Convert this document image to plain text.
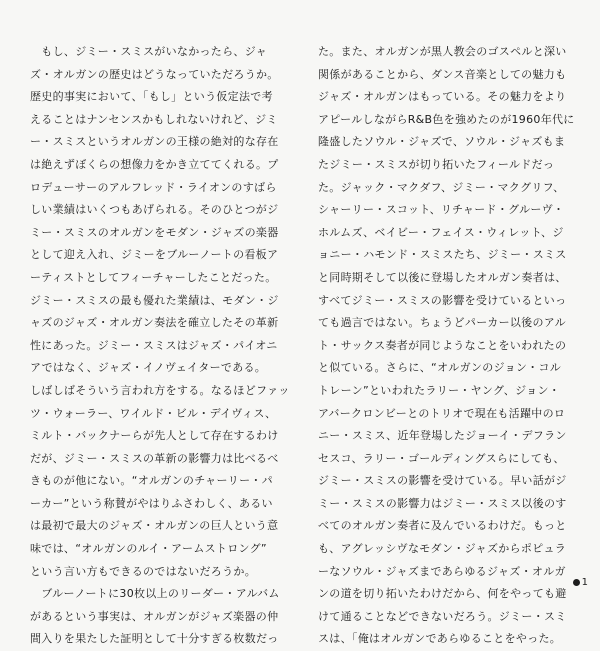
　もし、ジミー・スミスがいなかったら、ジャ
ズ・オルガンの歴史はどうなっていただろうか。
歴史的事実において、「もし」という仮定法で考
えることはナンセンスかもしれないけれど、ジミ
ー・スミスというオルガンの王様の絶対的な存在
は絶えずぼくらの想像力をかき立ててくれる。プ
ロデューサーのアルフレッド・ライオンのすばら
しい業績はいくつもあげられる。そのひとつがジ
ミー・スミスのオルガンをモダン・ジャズの楽器
として迎え入れ、ジミーをブルーノートの看板ア
ーティストとしてフィーチャーしたことだった。
ジミー・スミスの最も優れた業績は、モダン・ジ
ャズのジャズ・オルガン奏法を確立したその革新
性にあった。ジミー・スミスはジャズ・パイオニ
アではなく、ジャズ・イノヴェイターである。
しばしばそういう言われ方をする。なるほどファッ
ツ・ウォーラー、ワイルド・ビル・デイヴィス、
ミルト・バックナーらが先人として存在するわけ
だが、ジミー・スミスの革新の影響力は比べるべ
きものが他にない。“オルガンのチャーリー・パ
ーカー”という称賛がやはりふさわしく、あるい
は最初で最大のジャズ・オルガンの巨人という意
味では、“オルガンのルイ・アームストロング”
という言い方もできるのではないだろうか。
　ブルーノートに30枚以上のリーダー・アルバム
があるという事実は、オルガンがジャズ楽器の仲
間入りを果たした証明として十分すぎる枚数だっ
た。また、オルガンが黒人教会のゴスペルと深い
関係があることから、ダンス音楽としての魅力も
ジャズ・オルガンはもっている。その魅力をより
アピールしながらR&B色を強めたのが1960年代に
隆盛したソウル・ジャズで、ソウル・ジャズもま
たジミー・スミスが切り拓いたフィールドだっ
た。ジャック・マクダフ、ジミー・マクグリフ、
シャーリー・スコット、リチャード・グルーヴ・
ホルムズ、ベイビー・フェイス・ウィレット、ジ
ョニー・ハモンド・スミスたち、ジミー・スミス
と同時期そして以後に登場したオルガン奏者は、
すべてジミー・スミスの影響を受けているといっ
ても過言ではない。ちょうどパーカー以後のアル
ト・サックス奏者が同じようなことをいわれたの
と似ている。さらに、“オルガンのジョン・コル
トレーン”といわれたラリー・ヤング、ジョン・
アバークロンビーとのトリオで現在も活躍中のロ
ニー・スミス、近年登場したジョーイ・デフラン
セスコ、ラリー・ゴールディングスらにしても、
ジミー・スミスの影響を受けている。早い話がジ
ミー・スミスの影響力はジミー・スミス以後のす
べてのオルガン奏者に及んでいるわけだ。もっと
も、アグレッシヴなモダン・ジャズからポピュラ
ーなソウル・ジャズまであらゆるジャズ・オルガ
ンの道を切り拓いたわけだから、何をやっても避
けて通ることなどできないだろう。ジミー・スミ
スは、「俺はオルガンであらゆることをやった。
1
